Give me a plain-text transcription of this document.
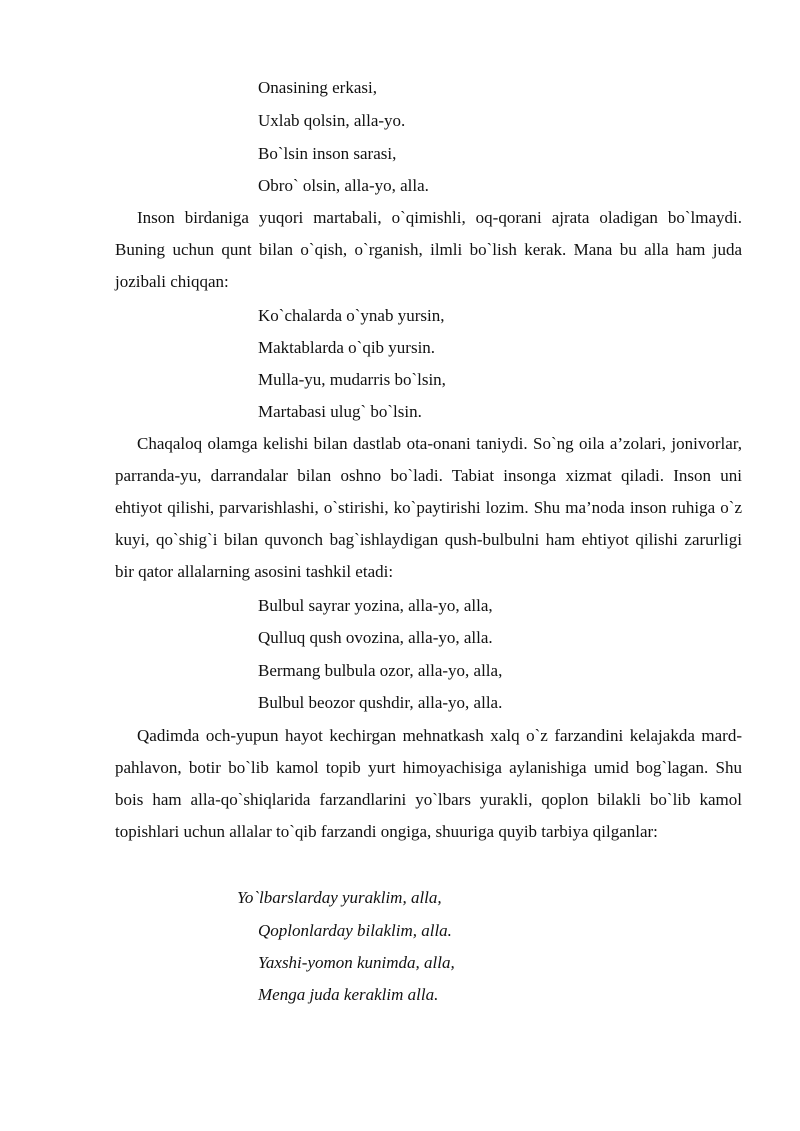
Onasining erkasi,
Uxlab qolsin, alla-yo.
Bo`lsin inson sarasi,
Obro` olsin, alla-yo, alla.

Inson birdaniga yuqori martabali, o`qimishli, oq-qorani ajrata oladigan bo`lmaydi. Buning uchun qunt bilan o`qish, o`rganish, ilmli bo`lish kerak. Mana bu alla ham juda jozibali chiqqan:

Ko`chalarda o`ynab yursin,
Maktablarda o`qib yursin.
Mulla-yu, mudarris bo`lsin,
Martabasi ulug` bo`lsin.

Chaqaloq olamga kelishi bilan dastlab ota-onani taniydi. So`ng oila a’zolari, jonivorlar, parranda-yu, darrandalar bilan oshno bo`ladi. Tabiat insonga xizmat qiladi. Inson uni ehtiyot qilishi, parvarishlashi, o`stirishi, ko`paytirishi lozim. Shu ma’noda inson ruhiga o`z kuyi, qo`shig`i bilan quvonch bag`ishlaydigan qush-bulbulni ham ehtiyot qilishi zarurligi bir qator allalarning asosini tashkil etadi:

Bulbul sayrar yozina, alla-yo, alla,
Qulluq qush ovozina, alla-yo, alla.
Bermang bulbula ozor, alla-yo, alla,
Bulbul beozor qushdir, alla-yo, alla.

Qadimda och-yupun hayot kechirgan mehnatkash xalq o`z farzandini kelajakda mard-pahlavon, botir bo`lib kamol topib yurt himoyachisiga aylanishiga umid bog`lagan. Shu bois ham alla-qo`shiqlarida farzandlarini yo`lbars yurakli, qoplon bilakli bo`lib kamol topishlari uchun allalar to`qib farzandi ongiga, shuuriga quyib tarbiya qilganlar:

Yo`lbarslarday yuraklim, alla,
Qoplonlarday bilaklim, alla.
Yaxshi-yomon kunimda, alla,
Menga juda keraklim alla.
